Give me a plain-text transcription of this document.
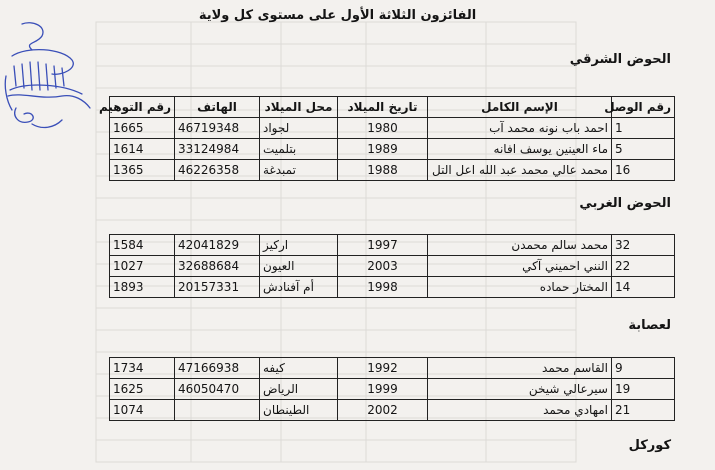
الفائزون الثلاثة الأول على مستوى كل ولاية
الحوض الشرقي
رقم الوصل	الإسم الكامل	تاريخ الميلاد	محل الميلاد	الهاتف	رقم التوهيم
1	احمد باب نونه محمد آب	1980	لجواد	46719348	1665
5	ماء العينين يوسف افانه	1989	بتلميت	33124984	1614
16	محمد عالي محمد عبد الله اعل التل	1988	تمبدغة	46226358	1365
الحوض الغربي
32	محمد سالم محمدن	1997	اركيز	42041829	1584
22	النني احميني آكي	2003	العيون	32688684	1027
14	المختار حماده	1998	أم آفنادش	20157331	1893
لعصابة
9	القاسم محمد	1992	كيفه	47166938	1734
19	سيرعالي شيخن	1999	الرياض	46050470	1625
21	امهادي محمد	2002	الطينطان		1074
كوركل
